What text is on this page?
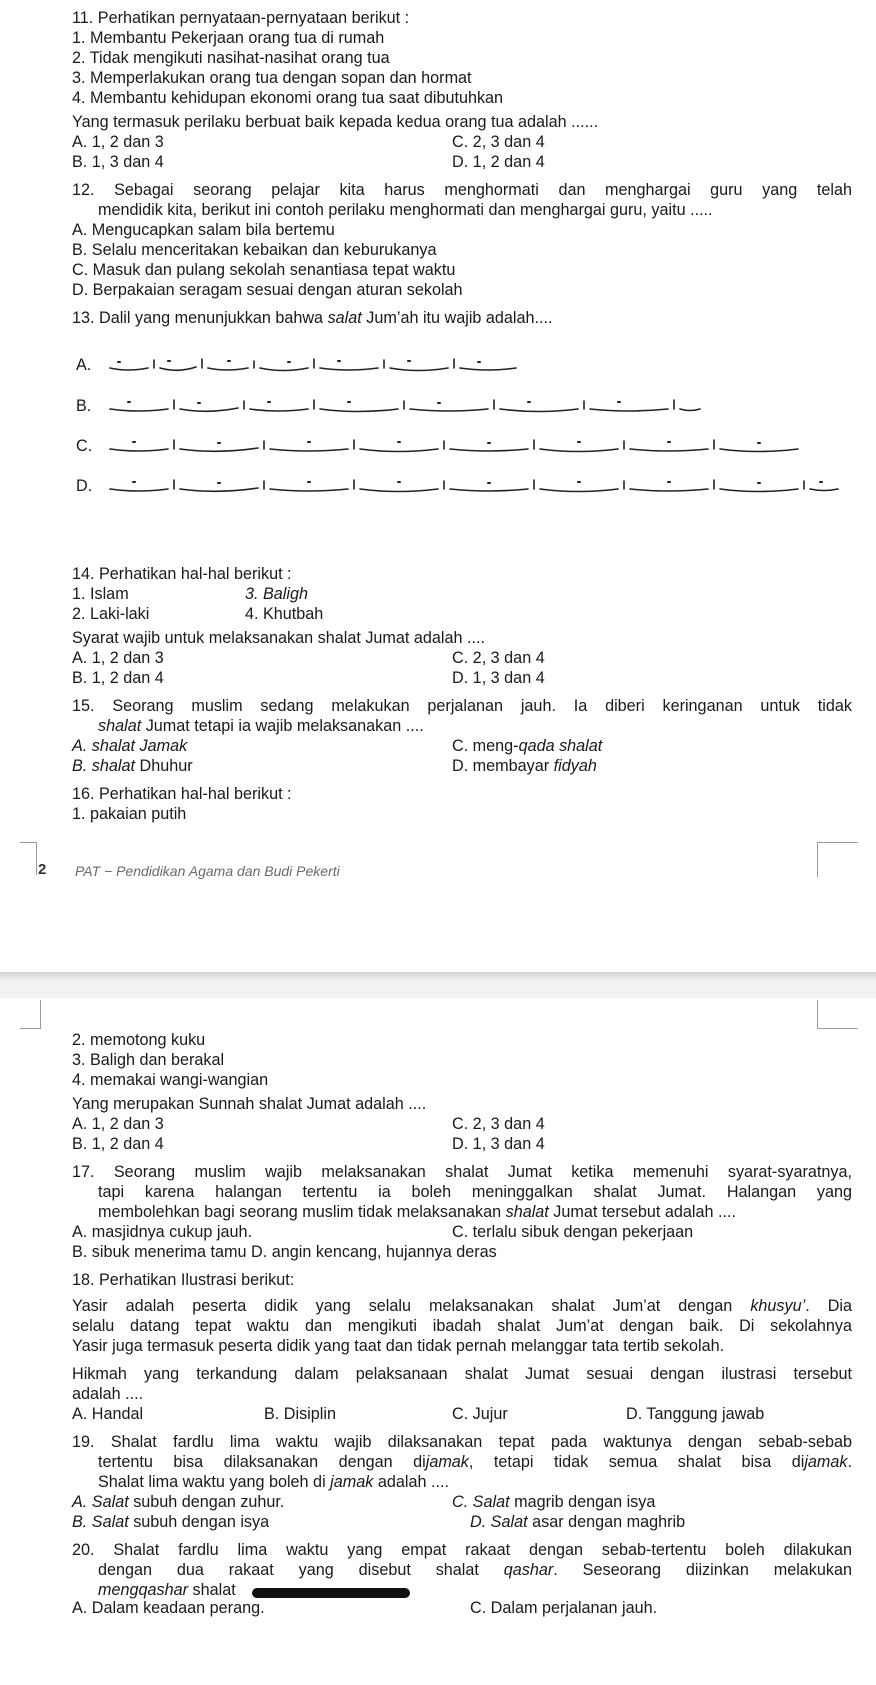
11. Perhatikan pernyataan-pernyataan berikut :
1. Membantu Pekerjaan orang tua di rumah
2. Tidak mengikuti nasihat-nasihat orang tua
3. Memperlakukan orang tua dengan sopan dan hormat
4. Membantu kehidupan ekonomi orang tua saat dibutuhkan
Yang termasuk perilaku berbuat baik kepada kedua orang tua adalah ......
A. 1, 2 dan 3	C. 2, 3 dan 4
B. 1, 3 dan 4	D. 1, 2 dan 4
12. Sebagai seorang pelajar kita harus menghormati dan menghargai guru yang telah
mendidik kita, berikut ini contoh perilaku menghormati dan menghargai guru, yaitu .....
A. Mengucapkan salam bila bertemu
B. Selalu menceritakan kebaikan dan keburukanya
C. Masuk dan pulang sekolah senantiasa tepat waktu
D. Berpakaian seragam sesuai dengan aturan sekolah
13. Dalil yang menunjukkan bahwa salat Jum’ah itu wajib adalah....
A.
B.
C.
D.
14. Perhatikan hal-hal berikut :
1. Islam	3. Baligh
2. Laki-laki	4. Khutbah
Syarat wajib untuk melaksanakan shalat Jumat adalah ....
A. 1, 2 dan 3	C. 2, 3 dan 4
B. 1, 2 dan 4	D. 1, 3 dan 4
15. Seorang muslim sedang melakukan perjalanan jauh. Ia diberi keringanan untuk tidak
shalat Jumat tetapi ia wajib melaksanakan ....
A. shalat Jamak	C. meng-qada shalat
B. shalat Dhuhur	D. membayar fidyah
16. Perhatikan hal-hal berikut :
1. pakaian putih
2 PAT − Pendidikan Agama dan Budi Pekerti
2. memotong kuku
3. Baligh dan berakal
4. memakai wangi-wangian
Yang merupakan Sunnah shalat Jumat adalah ....
A. 1, 2 dan 3	C. 2, 3 dan 4
B. 1, 2 dan 4	D. 1, 3 dan 4
17. Seorang muslim wajib melaksanakan shalat Jumat ketika memenuhi syarat-syaratnya,
tapi karena halangan tertentu ia boleh meninggalkan shalat Jumat. Halangan yang
membolehkan bagi seorang muslim tidak melaksanakan shalat Jumat tersebut adalah ....
A. masjidnya cukup jauh.	C. terlalu sibuk dengan pekerjaan
B. sibuk menerima tamu D. angin kencang, hujannya deras
18. Perhatikan Ilustrasi berikut:
Yasir adalah peserta didik yang selalu melaksanakan shalat Jum’at dengan khusyu’. Dia
selalu datang tepat waktu dan mengikuti ibadah shalat Jum’at dengan baik. Di sekolahnya
Yasir juga termasuk peserta didik yang taat dan tidak pernah melanggar tata tertib sekolah.
Hikmah yang terkandung dalam pelaksanaan shalat Jumat sesuai dengan ilustrasi tersebut
adalah ....
A. Handal	B. Disiplin	C. Jujur	D. Tanggung jawab
19. Shalat fardlu lima waktu wajib dilaksanakan tepat pada waktunya dengan sebab-sebab
tertentu bisa dilaksanakan dengan dijamak, tetapi tidak semua shalat bisa dijamak.
Shalat lima waktu yang boleh di jamak adalah ....
A. Salat subuh dengan zuhur.	C. Salat magrib dengan isya
B. Salat subuh dengan isya	D. Salat asar dengan maghrib
20. Shalat fardlu lima waktu yang empat rakaat dengan sebab-tertentu boleh dilakukan
dengan dua rakaat yang disebut shalat qashar. Seseorang diizinkan melakukan
mengqashar shalat
A. Dalam keadaan perang.	C. Dalam perjalanan jauh.
